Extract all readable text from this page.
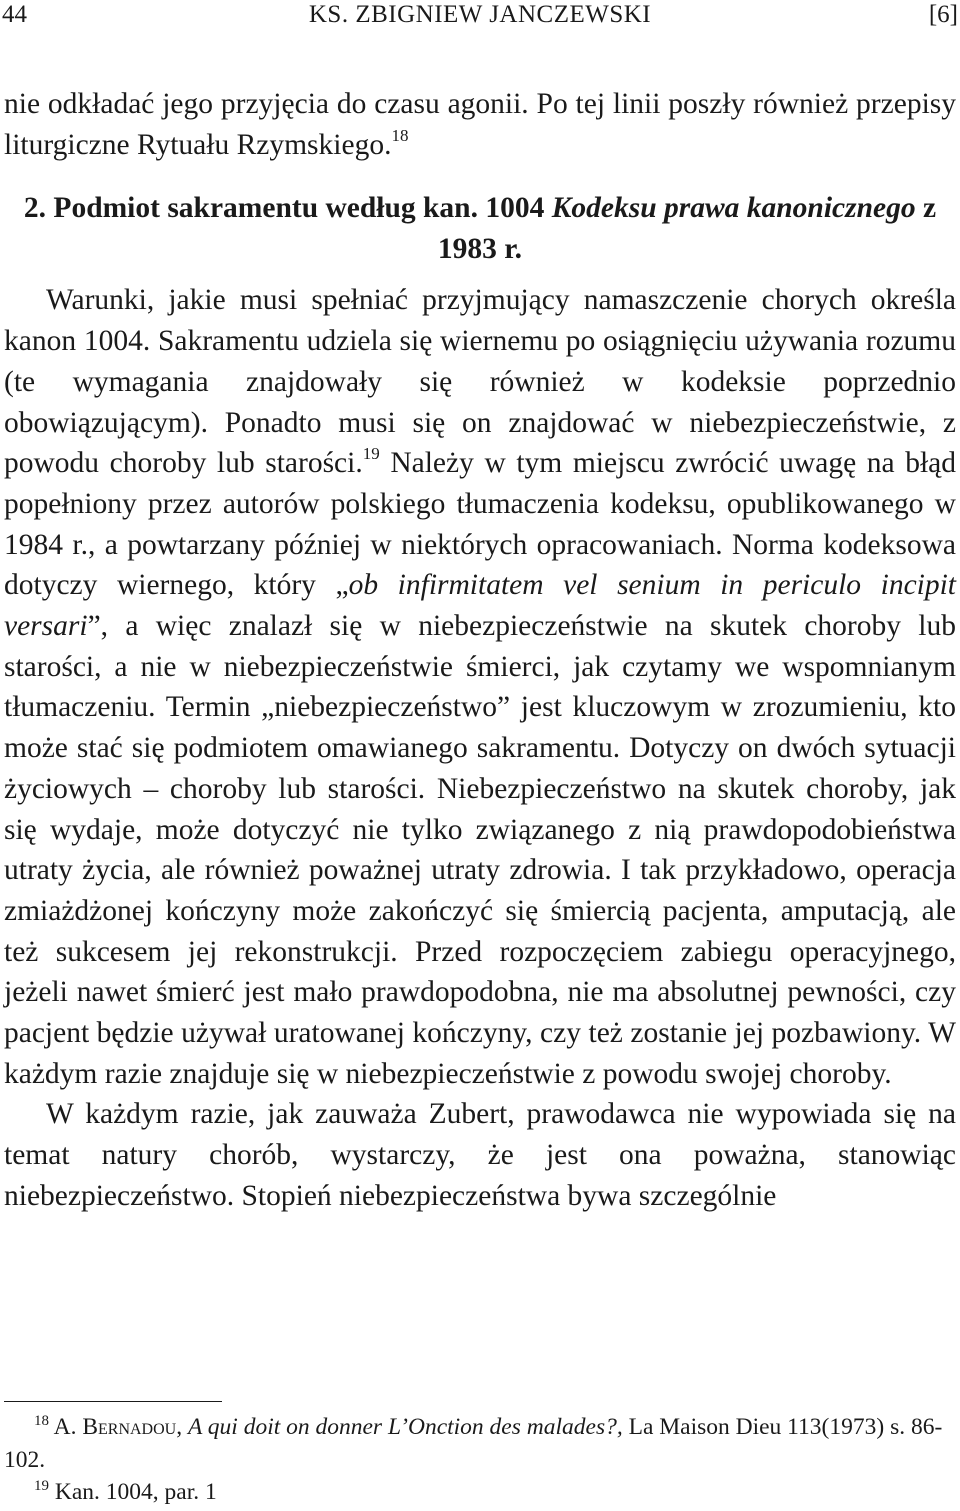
44	KS. ZBIGNIEW JANCZEWSKI	[6]

nie odkładać jego przyjęcia do czasu agonii. Po tej linii poszły również przepisy liturgiczne Rytuału Rzymskiego.$^{18}$

2. Podmiot sakramentu według kan. 1004 Kodeksu prawa kanonicznego z 1983 r.

Warunki, jakie musi spełniać przyjmujący namaszczenie chorych określa kanon 1004. Sakramentu udziela się wiernemu po osiągnięciu używania rozumu (te wymagania znajdowały się również w kodeksie poprzednio obowiązującym). Ponadto musi się on znajdować w niebezpieczeństwie, z powodu choroby lub starości.$^{19}$ Należy w tym miejscu zwrócić uwagę na błąd popełniony przez autorów polskiego tłumaczenia kodeksu, opublikowanego w 1984 r., a powtarzany później w niektórych opracowaniach. Norma kodeksowa dotyczy wiernego, który „ob infirmitatem vel senium in periculo incipit versari”, a więc znalazł się w niebezpieczeństwie na skutek choroby lub starości, a nie w niebezpieczeństwie śmierci, jak czytamy we wspomnianym tłumaczeniu. Termin „niebezpieczeństwo” jest kluczowym w zrozumieniu, kto może stać się podmiotem omawianego sakramentu. Dotyczy on dwóch sytuacji życiowych – choroby lub starości. Niebezpieczeństwo na skutek choroby, jak się wydaje, może dotyczyć nie tylko związanego z nią prawdopodobieństwa utraty życia, ale również poważnej utraty zdrowia. I tak przykładowo, operacja zmiażdżonej kończyny może zakończyć się śmiercią pacjenta, amputacją, ale też sukcesem jej rekonstrukcji. Przed rozpoczęciem zabiegu operacyjnego, jeżeli nawet śmierć jest mało prawdopodobna, nie ma absolutnej pewności, czy pacjent będzie używał uratowanej kończyny, czy też zostanie jej pozbawiony. W każdym razie znajduje się w niebezpieczeństwie z powodu swojej choroby.

W każdym razie, jak zauważa Zubert, prawodawca nie wypowiada się na temat natury chorób, wystarczy, że jest ona poważna, stanowiąc niebezpieczeństwo. Stopień niebezpieczeństwa bywa szczególnie

$^{18}$ A. Bernadou, A qui doit on donner L’Onction des malades?, La Maison Dieu 113(1973) s. 86-102.

$^{19}$ Kan. 1004, par. 1
